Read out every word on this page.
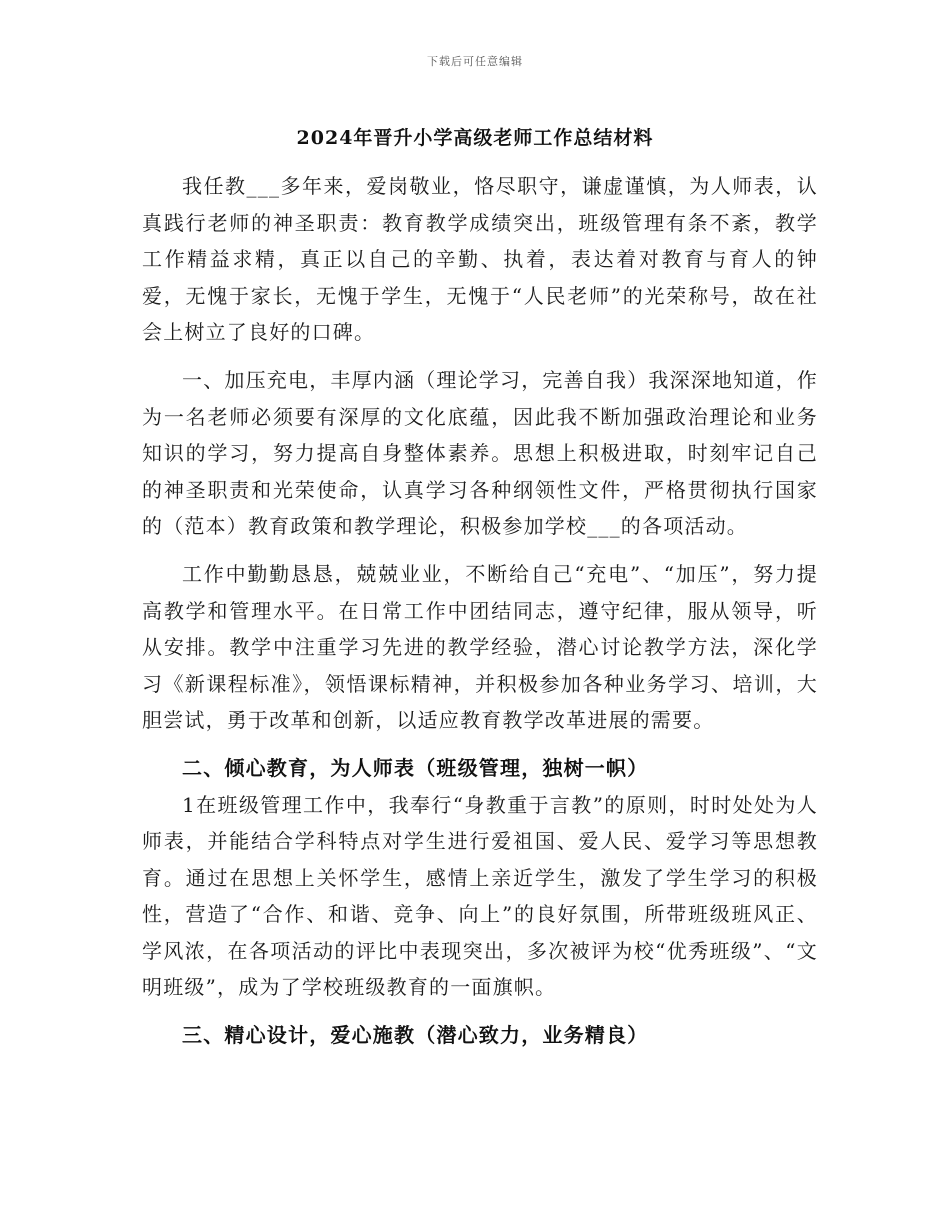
下载后可任意编辑
2024年晋升小学高级老师工作总结材料

我任教___多年来，爱岗敬业，恪尽职守，谦虚谨慎，为人师表，认真践行老师的神圣职责：教育教学成绩突出，班级管理有条不紊，教学工作精益求精，真正以自己的辛勤、执着，表达着对教育与育人的钟爱，无愧于家长，无愧于学生，无愧于“人民老师”的光荣称号，故在社会上树立了良好的口碑。

一、加压充电，丰厚内涵（理论学习，完善自我）我深深地知道，作为一名老师必须要有深厚的文化底蕴，因此我不断加强政治理论和业务知识的学习，努力提高自身整体素养。思想上积极进取，时刻牢记自己的神圣职责和光荣使命，认真学习各种纲领性文件，严格贯彻执行国家的（范本）教育政策和教学理论，积极参加学校___的各项活动。

工作中勤勤恳恳，兢兢业业，不断给自己“充电”、“加压”，努力提高教学和管理水平。在日常工作中团结同志，遵守纪律，服从领导，听从安排。教学中注重学习先进的教学经验，潜心讨论教学方法，深化学习《新课程标准》，领悟课标精神，并积极参加各种业务学习、培训，大胆尝试，勇于改革和创新，以适应教育教学改革进展的需要。

二、倾心教育，为人师表（班级管理，独树一帜）

1在班级管理工作中，我奉行“身教重于言教”的原则，时时处处为人师表，并能结合学科特点对学生进行爱祖国、爱人民、爱学习等思想教育。通过在思想上关怀学生，感情上亲近学生，激发了学生学习的积极性，营造了“合作、和谐、竞争、向上”的良好氛围，所带班级班风正、学风浓，在各项活动的评比中表现突出，多次被评为校“优秀班级”、“文明班级”，成为了学校班级教育的一面旗帜。

三、精心设计，爱心施教（潜心致力，业务精良）
